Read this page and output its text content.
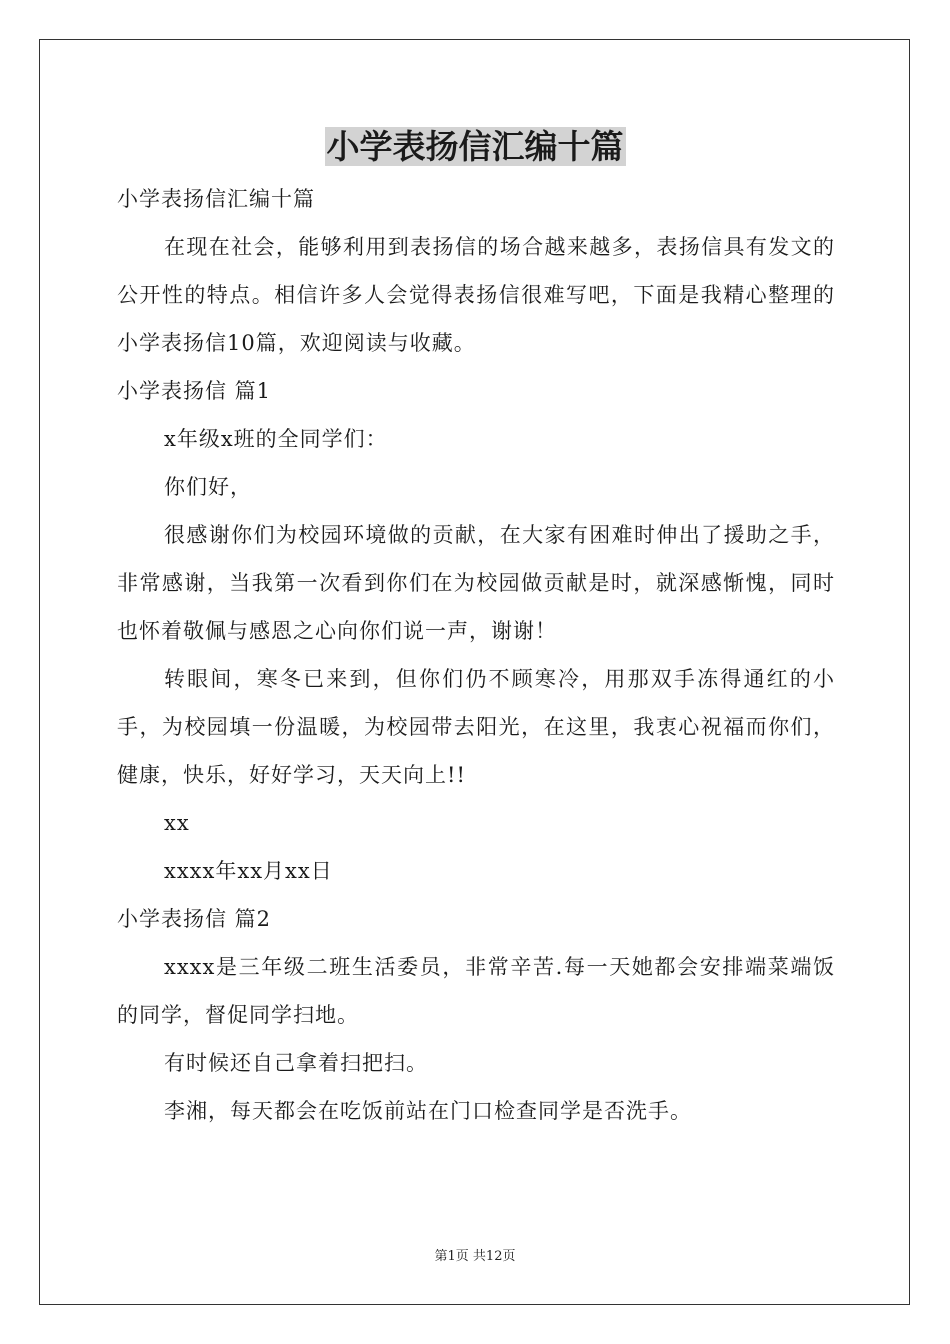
小学表扬信汇编十篇

小学表扬信汇编十篇

在现在社会，能够利用到表扬信的场合越来越多，表扬信具有发文的公开性的特点。相信许多人会觉得表扬信很难写吧，下面是我精心整理的小学表扬信10篇，欢迎阅读与收藏。

小学表扬信 篇1

x年级x班的全同学们：

你们好，

很感谢你们为校园环境做的贡献，在大家有困难时伸出了援助之手，非常感谢，当我第一次看到你们在为校园做贡献是时，就深感惭愧，同时也怀着敬佩与感恩之心向你们说一声，谢谢！

转眼间，寒冬已来到，但你们仍不顾寒冷，用那双手冻得通红的小手，为校园填一份温暖，为校园带去阳光，在这里，我衷心祝福而你们，健康，快乐，好好学习，天天向上!!

xx

xxxx年xx月xx日

小学表扬信 篇2

xxxx是三年级二班生活委员，非常辛苦.每一天她都会安排端菜端饭的同学，督促同学扫地。

有时候还自己拿着扫把扫。

李湘，每天都会在吃饭前站在门口检查同学是否洗手。

第1页 共12页
